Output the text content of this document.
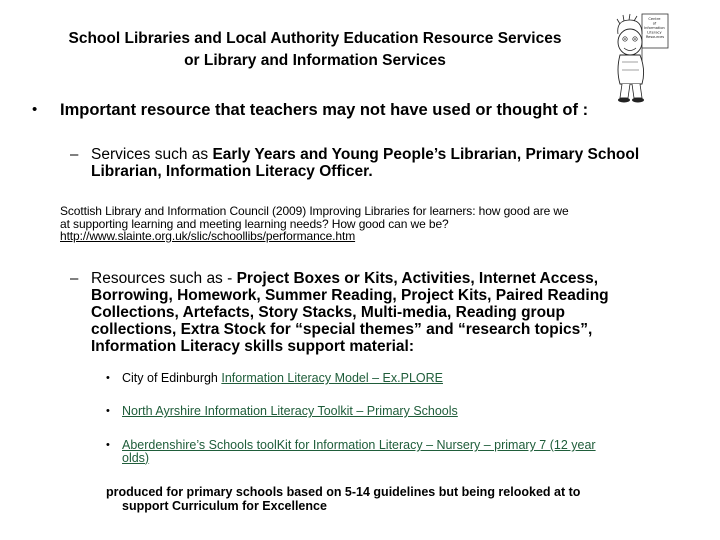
School Libraries and Local Authority Education Resource Services
or Library and Information Services
Centre of Information Literacy Resources
• Important resource that teachers may not have used or thought of :
– Services such as Early Years and Young People’s Librarian, Primary School
Librarian, Information Literacy Officer.
Scottish Library and Information Council (2009) Improving Libraries for learners: how good are we
at supporting learning and meeting learning needs? How good can we be?
http://www.slainte.org.uk/slic/schoollibs/performance.htm
– Resources such as - Project Boxes or Kits, Activities, Internet Access,
Borrowing, Homework, Summer Reading, Project Kits, Paired Reading
Collections, Artefacts, Story Stacks, Multi-media, Reading group
collections, Extra Stock for “special themes” and “research topics”,
Information Literacy skills support material:
• City of Edinburgh Information Literacy Model – Ex.PLORE
• North Ayrshire Information Literacy Toolkit – Primary Schools
• Aberdenshire’s Schools toolKit for Information Literacy – Nursery – primary 7 (12 year
olds)
produced for primary schools based on 5-14 guidelines but being relooked at to
support Curriculum for Excellence
